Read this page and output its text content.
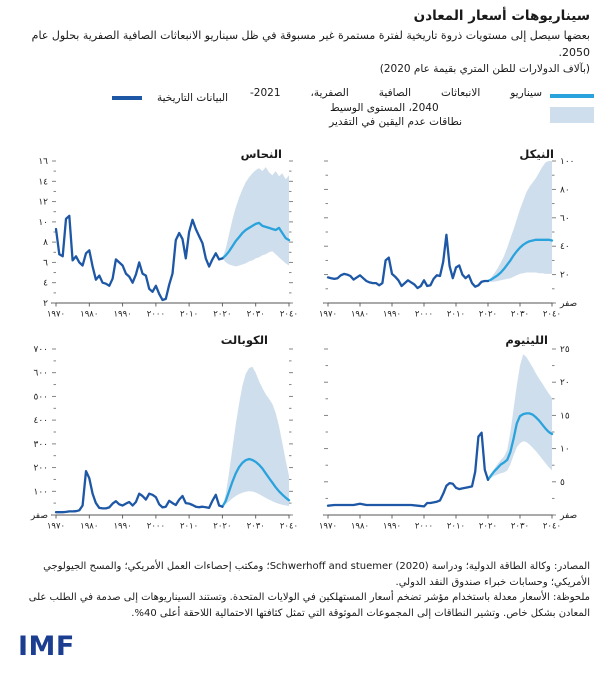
سيناريوهات أسعار المعادن

بعضها سيصل إلى مستويات ذروة تاريخية لفترة مستمرة غير مسبوقة في ظل سيناريو الانبعاثات الصافية الصفرية بحلول عام 2050.

(بآلاف الدولارات للطن المتري بقيمة عام 2020)

سيناريو الانبعاثات الصافية الصفرية، 2021-
2040، المستوى الوسيط
نطاقات عدم اليقين في التقدير
البيانات التاريخية
النحاس
٢
٤
٦
٨
١٠
١٢
١٤
١٦
١٩٧٠ ١٩٨٠ ١٩٩٠ ٢٠٠٠ ٢٠١٠ ٢٠٢٠ ٢٠٣٠ ٢٠٤٠
النيكل
صفر
٢٠
٤٠
٦٠
٨٠
١٠٠
١٩٧٠ ١٩٨٠ ١٩٩٠ ٢٠٠٠ ٢٠١٠ ٢٠٢٠ ٢٠٣٠ ٢٠٤٠
الكوبالت
صفر
١٠٠
٢٠٠
٣٠٠
٤٠٠
٥٠٠
٦٠٠
٧٠٠
١٩٧٠ ١٩٨٠ ١٩٩٠ ٢٠٠٠ ٢٠١٠ ٢٠٢٠ ٢٠٣٠ ٢٠٤٠
الليثيوم
صفر
٥
١٠
١٥
٢٠
٢٥
١٩٧٠ ١٩٨٠ ١٩٩٠ ٢٠٠٠ ٢٠١٠ ٢٠٢٠ ٢٠٣٠ ٢٠٤٠

المصادر: وكالة الطاقة الدولية؛ ودراسة Schwerhoff and stuemer (2020)؛ ومكتب إحصاءات العمل الأمريكي؛ والمسح الجيولوجي الأمريكي؛ وحسابات خبراء صندوق النقد الدولي.

ملحوظة: الأسعار معدلة باستخدام مؤشر تضخم أسعار المستهلكين في الولايات المتحدة. وتستند السيناريوهات إلى صدمة في الطلب على المعادن بشكل خاص. وتشير النطاقات إلى المجموعات الموثوقة التي تمثل كثافتها الاحتمالية اللاحقة أعلى 40%.

IMF
